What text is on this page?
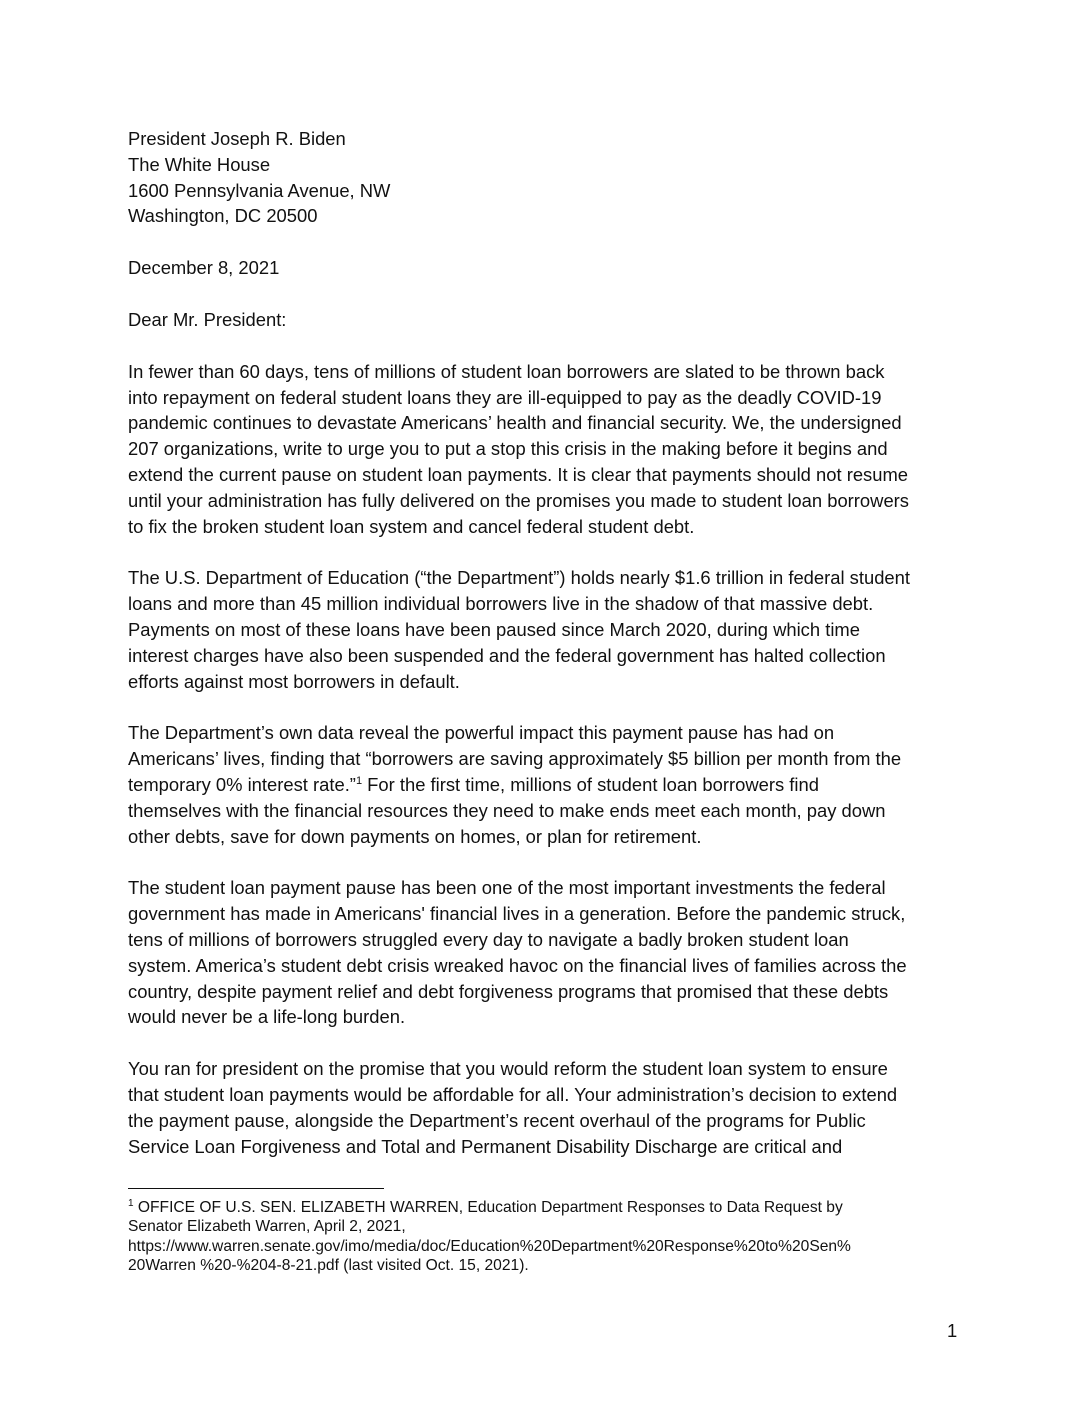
President Joseph R. Biden
The White House
1600 Pennsylvania Avenue, NW
Washington, DC 20500
December 8, 2021
Dear Mr. President:
In fewer than 60 days, tens of millions of student loan borrowers are slated to be thrown back
into repayment on federal student loans they are ill-equipped to pay as the deadly COVID-19
pandemic continues to devastate Americans’ health and financial security. We, the undersigned
207 organizations, write to urge you to put a stop this crisis in the making before it begins and
extend the current pause on student loan payments. It is clear that payments should not resume
until your administration has fully delivered on the promises you made to student loan borrowers
to fix the broken student loan system and cancel federal student debt.
The U.S. Department of Education (“the Department”) holds nearly $1.6 trillion in federal student
loans and more than 45 million individual borrowers live in the shadow of that massive debt.
Payments on most of these loans have been paused since March 2020, during which time
interest charges have also been suspended and the federal government has halted collection
efforts against most borrowers in default.
The Department’s own data reveal the powerful impact this payment pause has had on
Americans’ lives, finding that “borrowers are saving approximately $5 billion per month from the
temporary 0% interest rate.”$^1$ For the first time, millions of student loan borrowers find
themselves with the financial resources they need to make ends meet each month, pay down
other debts, save for down payments on homes, or plan for retirement.
The student loan payment pause has been one of the most important investments the federal
government has made in Americans' financial lives in a generation. Before the pandemic struck,
tens of millions of borrowers struggled every day to navigate a badly broken student loan
system. America’s student debt crisis wreaked havoc on the financial lives of families across the
country, despite payment relief and debt forgiveness programs that promised that these debts
would never be a life-long burden.
You ran for president on the promise that you would reform the student loan system to ensure
that student loan payments would be affordable for all. Your administration’s decision to extend
the payment pause, alongside the Department’s recent overhaul of the programs for Public
Service Loan Forgiveness and Total and Permanent Disability Discharge are critical and
$^1$ OFFICE OF U.S. SEN. ELIZABETH WARREN, Education Department Responses to Data Request by
Senator Elizabeth Warren, April 2, 2021,
https://www.warren.senate.gov/imo/media/doc/Education%20Department%20Response%20to%20Sen%
20Warren %20-%204-8-21.pdf (last visited Oct. 15, 2021).
1
